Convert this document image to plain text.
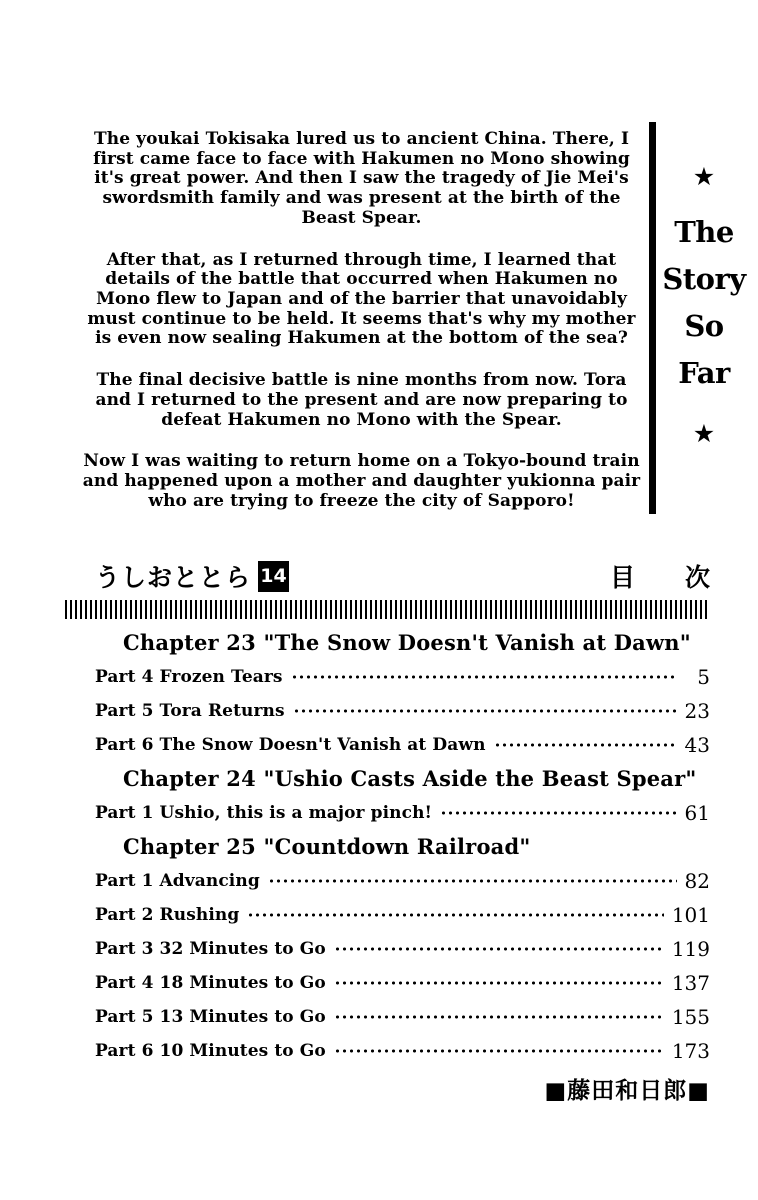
The youkai Tokisaka lured us to ancient China. There, I first came face to face with Hakumen no Mono showing it's great power. And then I saw the tragedy of Jie Mei's swordsmith family and was present at the birth of the Beast Spear.

After that, as I returned through time, I learned that details of the battle that occurred when Hakumen no Mono flew to Japan and of the barrier that unavoidably must continue to be held. It seems that's why my mother is even now sealing Hakumen at the bottom of the sea?

The final decisive battle is nine months from now. Tora and I returned to the present and are now preparing to defeat Hakumen no Mono with the Spear.

Now I was waiting to return home on a Tokyo-bound train and happened upon a mother and daughter yukionna pair who are trying to freeze the city of Sapporo!

★
The
Story
So
Far
★
うしおととら 14	目　　次
Chapter 23 "The Snow Doesn't Vanish at Dawn"
Part 4 Frozen Tears	5
Part 5 Tora Returns	23
Part 6 The Snow Doesn't Vanish at Dawn	43
Chapter 24 "Ushio Casts Aside the Beast Spear"
Part 1 Ushio, this is a major pinch!	61
Chapter 25 "Countdown Railroad"
Part 1 Advancing	82
Part 2 Rushing	101
Part 3 32 Minutes to Go	119
Part 4 18 Minutes to Go	137
Part 5 13 Minutes to Go	155
Part 6 10 Minutes to Go	173
■藤田和日郎■
